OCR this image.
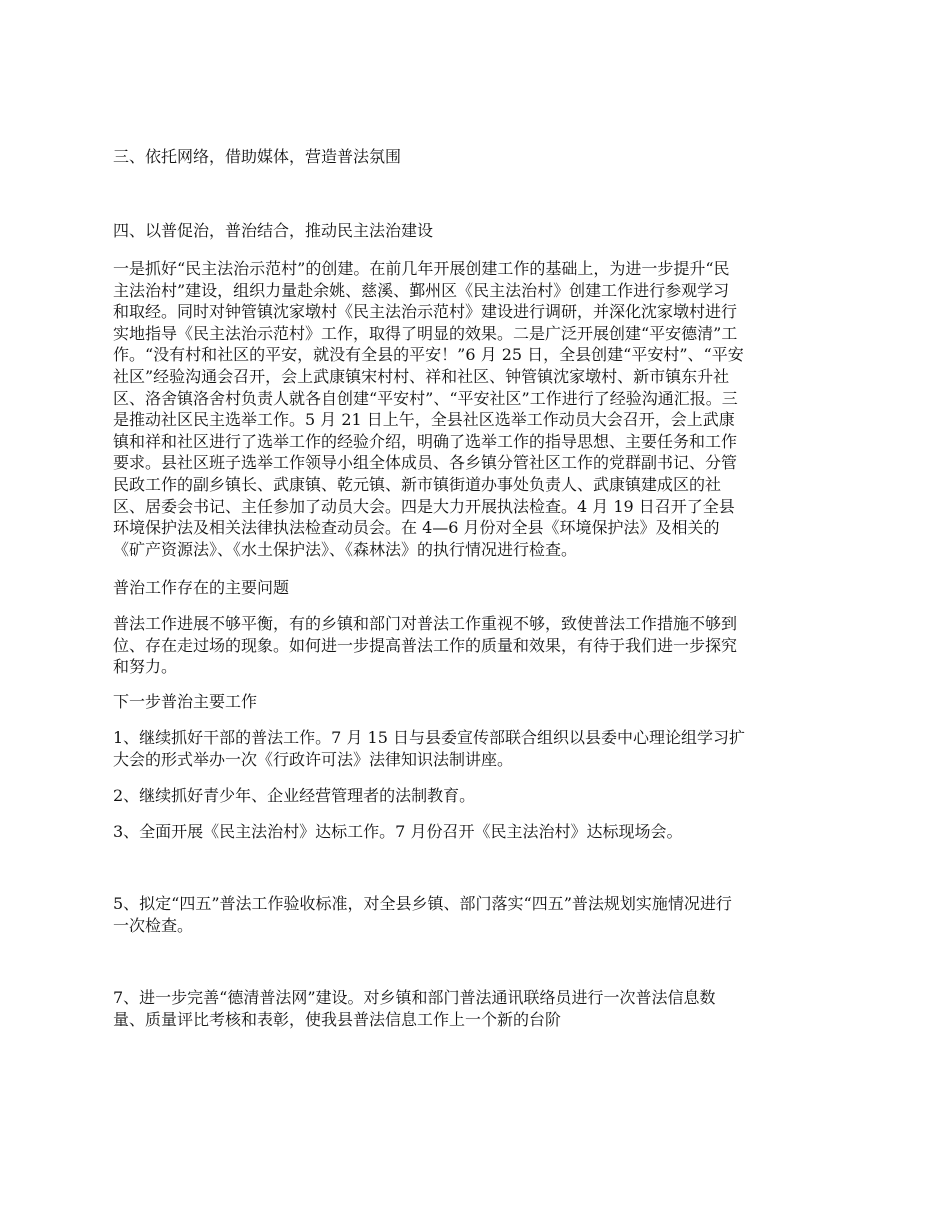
三、依托网络，借助媒体，营造普法氛围

四、以普促治，普治结合，推动民主法治建设

一是抓好“民主法治示范村”的创建。在前几年开展创建工作的基础上，为进一步提升“民
主法治村”建设，组织力量赴余姚、慈溪、鄞州区《民主法治村》创建工作进行参观学习
和取经。同时对钟管镇沈家墩村《民主法治示范村》建设进行调研，并深化沈家墩村进行
实地指导《民主法治示范村》工作，取得了明显的效果。二是广泛开展创建“平安德清”工
作。“没有村和社区的平安，就没有全县的平安！”6 月 25 日，全县创建“平安村”、“平安
社区”经验沟通会召开，会上武康镇宋村村、祥和社区、钟管镇沈家墩村、新市镇东升社
区、洛舍镇洛舍村负责人就各自创建“平安村”、“平安社区”工作进行了经验沟通汇报。三
是推动社区民主选举工作。5 月 21 日上午，全县社区选举工作动员大会召开，会上武康
镇和祥和社区进行了选举工作的经验介绍，明确了选举工作的指导思想、主要任务和工作
要求。县社区班子选举工作领导小组全体成员、各乡镇分管社区工作的党群副书记、分管
民政工作的副乡镇长、武康镇、乾元镇、新市镇街道办事处负责人、武康镇建成区的社
区、居委会书记、主任参加了动员大会。四是大力开展执法检查。4 月 19 日召开了全县
环境保护法及相关法律执法检查动员会。在 4—6 月份对全县《环境保护法》及相关的
《矿产资源法》、《水土保护法》、《森林法》的执行情况进行检查。

普治工作存在的主要问题

普法工作进展不够平衡，有的乡镇和部门对普法工作重视不够，致使普法工作措施不够到
位、存在走过场的现象。如何进一步提高普法工作的质量和效果，有待于我们进一步探究
和努力。

下一步普治主要工作

1、继续抓好干部的普法工作。7 月 15 日与县委宣传部联合组织以县委中心理论组学习扩
大会的形式举办一次《行政许可法》法律知识法制讲座。

2、继续抓好青少年、企业经营管理者的法制教育。

3、全面开展《民主法治村》达标工作。7 月份召开《民主法治村》达标现场会。

5、拟定“四五”普法工作验收标准，对全县乡镇、部门落实“四五”普法规划实施情况进行
一次检查。

7、进一步完善“德清普法网”建设。对乡镇和部门普法通讯联络员进行一次普法信息数
量、质量评比考核和表彰，使我县普法信息工作上一个新的台阶
